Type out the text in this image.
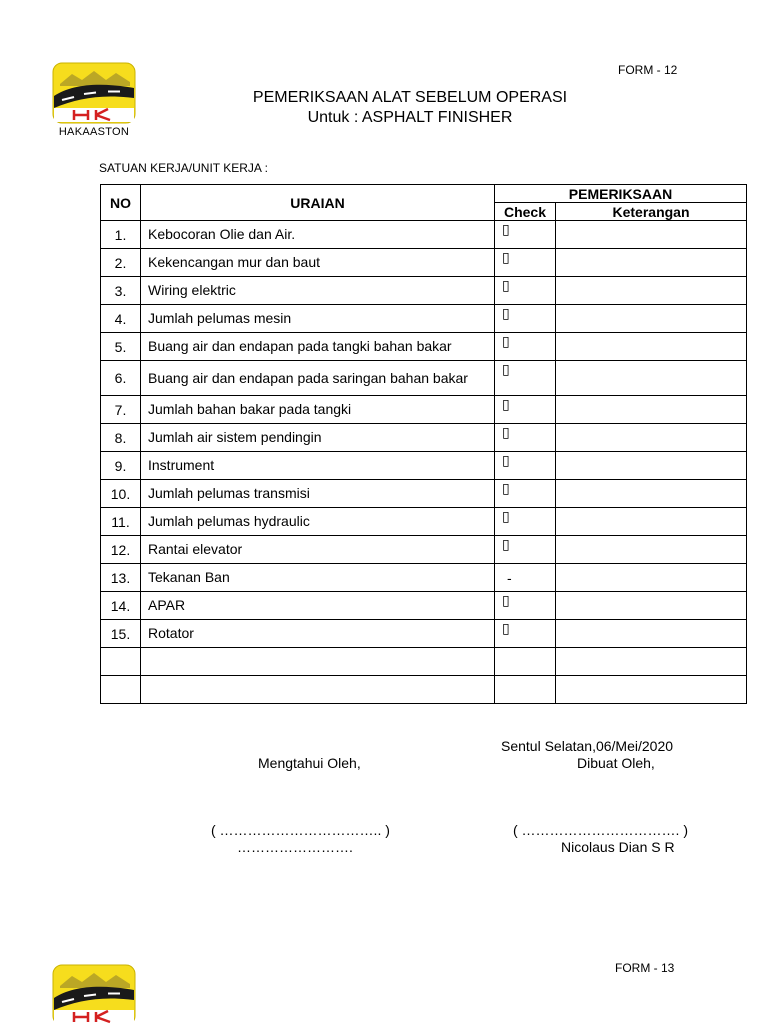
HAKAASTON
FORM - 12
PEMERIKSAAN ALAT SEBELUM OPERASI
Untuk : ASPHALT FINISHER
SATUAN KERJA/UNIT KERJA :
NO	URAIAN	PEMERIKSAAN	
		Check	Keterangan
1.	Kebocoran Olie dan Air.	▯	
2.	Kekencangan mur dan baut	▯	
3.	Wiring elektric	▯	
4.	Jumlah pelumas mesin	▯	
5.	Buang air dan endapan pada tangki bahan bakar	▯	
6.	Buang air dan endapan pada saringan bahan bakar	▯	
7.	Jumlah bahan bakar pada tangki	▯	
8.	Jumlah air sistem pendingin	▯	
9.	Instrument	▯	
10.	Jumlah pelumas transmisi	▯	
11.	Jumlah pelumas hydraulic	▯	
12.	Rantai elevator	▯	
13.	Tekanan Ban	-	
14.	APAR	▯	
15.	Rotator	▯	

Sentul Selatan,06/Mei/2020
Mengtahui Oleh,	Dibuat Oleh,
( …………………………….. )	( ……………………………. )
…………………….	Nicolaus Dian S R
FORM - 13
